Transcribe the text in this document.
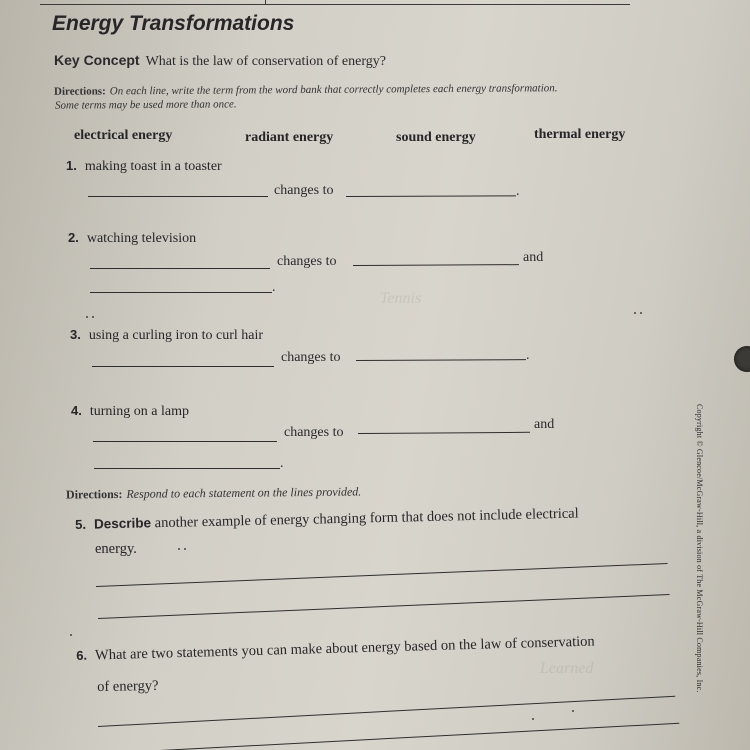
Tennis
Learned
Energy Transformations
Key Concept What is the law of conservation of energy?
Directions: On each line, write the term from the word bank that correctly completes each energy transformation.
Some terms may be used more than once.
electrical energy	radiant energy	sound energy	thermal energy
1. making toast in a toaster
changes to	.
2. watching television
changes to	and
.
3. using a curling iron to curl hair
changes to	.
4. turning on a lamp
changes to
and
.
Directions: Respond to each statement on the lines provided.
5. Describe another example of energy changing form that does not include electrical
energy.
6. What are two statements you can make about energy based on the law of conservation
of energy?	Copyright © Glencoe/McGraw-Hill, a division of The McGraw-Hill Companies, Inc.
